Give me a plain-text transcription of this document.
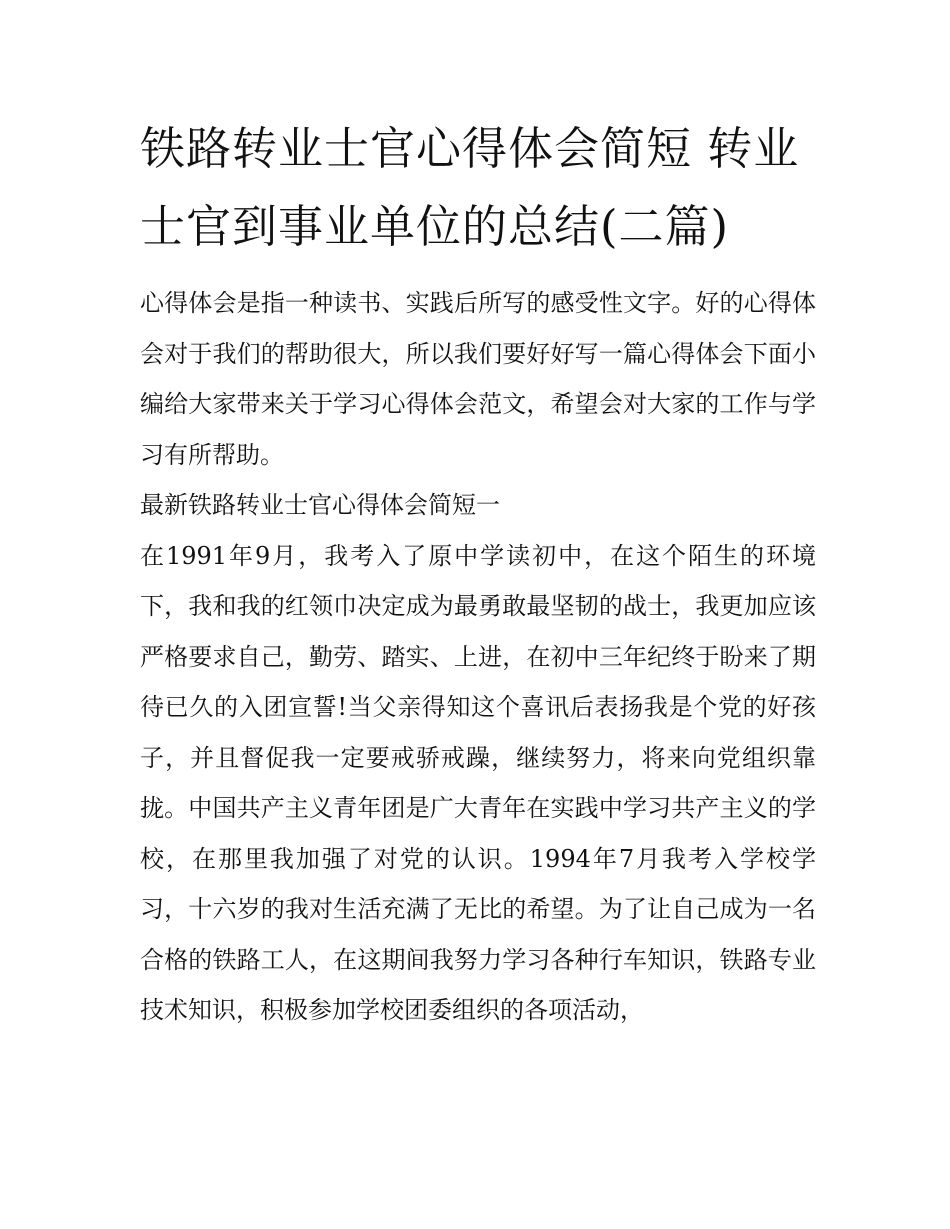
铁路转业士官心得体会简短 转业士官到事业单位的总结(二篇)

心得体会是指一种读书、实践后所写的感受性文字。好的心得体会对于我们的帮助很大，所以我们要好好写一篇心得体会下面小编给大家带来关于学习心得体会范文，希望会对大家的工作与学习有所帮助。

最新铁路转业士官心得体会简短一

在1991年9月，我考入了原中学读初中，在这个陌生的环境下，我和我的红领巾决定成为最勇敢最坚韧的战士，我更加应该严格要求自己，勤劳、踏实、上进，在初中三年纪终于盼来了期待已久的入团宣誓!当父亲得知这个喜讯后表扬我是个党的好孩子，并且督促我一定要戒骄戒躁，继续努力，将来向党组织靠拢。中国共产主义青年团是广大青年在实践中学习共产主义的学校，在那里我加强了对党的认识。1994年7月我考入学校学习，十六岁的我对生活充满了无比的希望。为了让自己成为一名合格的铁路工人，在这期间我努力学习各种行车知识，铁路专业技术知识，积极参加学校团委组织的各项活动，
